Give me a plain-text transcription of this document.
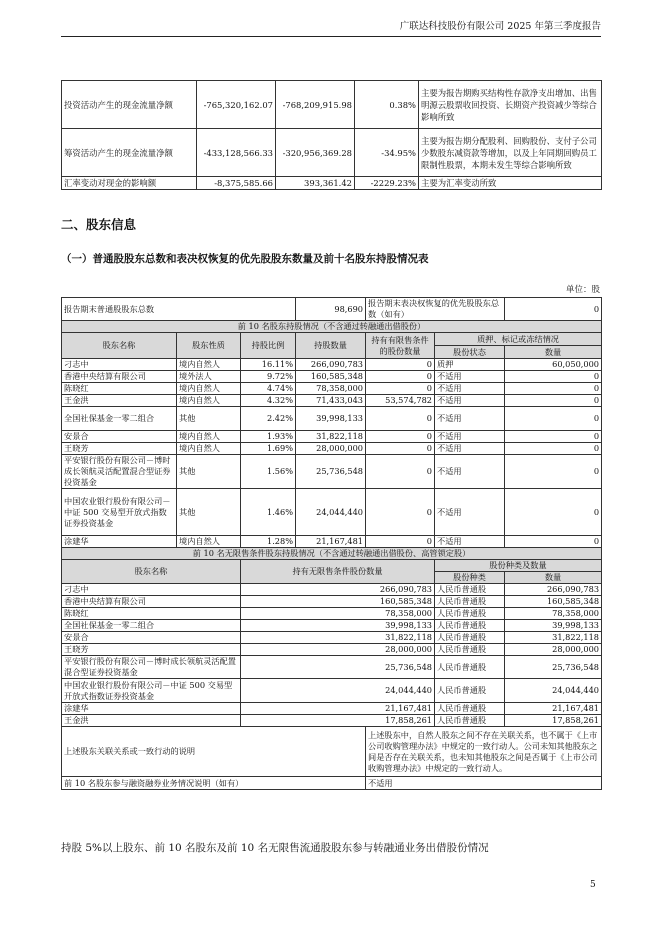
广联达科技股份有限公司 2025 年第三季度报告
投资活动产生的现金流量净额	-765,320,162.07	-768,209,915.98	0.38%	主要为报告期购买结构性存款净支出增加、出售明源云股票收回投资、长期资产投资减少等综合影响所致
筹资活动产生的现金流量净额	-433,128,566.33	-320,956,369.28	-34.95%	主要为报告期分配股利、回购股份、支付子公司少数股东减资款等增加，以及上年同期回购员工限制性股票，本期未发生等综合影响所致
汇率变动对现金的影响额	-8,375,585.66	393,361.42	-2229.23%	主要为汇率变动所致
二、股东信息
（一）普通股股东总数和表决权恢复的优先股股东数量及前十名股东持股情况表
单位：股
报告期末普通股股东总数			98,690	报告期末表决权恢复的优先股股东总数（如有）		0
前 10 名股东持股情况（不含通过转融通出借股份）						
股东名称	股东性质	持股比例	持股数量	持有有限售条件的股份数量	质押、标记或冻结情况	
					股份状态	数量
刁志中	境内自然人	16.11%	266,090,783	0	质押	60,050,000
香港中央结算有限公司	境外法人	9.72%	160,585,348	0	不适用	0
陈晓红	境内自然人	4.74%	78,358,000	0	不适用	0
王金洪	境内自然人	4.32%	71,433,043	53,574,782	不适用	0
全国社保基金一零二组合	其他	2.42%	39,998,133	0	不适用	0
安景合	境内自然人	1.93%	31,822,118	0	不适用	0
王晓芳	境内自然人	1.69%	28,000,000	0	不适用	0
平安银行股份有限公司－博时成长领航灵活配置混合型证券投资基金	其他	1.56%	25,736,548	0	不适用	0
中国农业银行股份有限公司－中证 500 交易型开放式指数证券投资基金	其他	1.46%	24,044,440	0	不适用	0
涂建华	境内自然人	1.28%	21,167,481	0	不适用	0
前 10 名无限售条件股东持股情况（不含通过转融通出借股份、高管锁定股）						
股东名称		持有无限售条件股份数量			股份种类及数量	
					股份种类	数量
刁志中		266,090,783			人民币普通股	266,090,783
香港中央结算有限公司		160,585,348			人民币普通股	160,585,348
陈晓红		78,358,000			人民币普通股	78,358,000
全国社保基金一零二组合		39,998,133			人民币普通股	39,998,133
安景合		31,822,118			人民币普通股	31,822,118
王晓芳		28,000,000			人民币普通股	28,000,000
平安银行股份有限公司－博时成长领航灵活配置混合型证券投资基金		25,736,548			人民币普通股	25,736,548
中国农业银行股份有限公司－中证 500 交易型开放式指数证券投资基金		24,044,440			人民币普通股	24,044,440
涂建华		21,167,481			人民币普通股	21,167,481
王金洪		17,858,261			人民币普通股	17,858,261
上述股东关联关系或一致行动的说明				上述股东中，自然人股东之间不存在关联关系，也不属于《上市公司收购管理办法》中规定的一致行动人。公司未知其他股东之间是否存在关联关系，也未知其他股东之间是否属于《上市公司收购管理办法》中规定的一致行动人。		
前 10 名股东参与融资融券业务情况说明（如有）				不适用		
持股 5%以上股东、前 10 名股东及前 10 名无限售流通股股东参与转融通业务出借股份情况
5
